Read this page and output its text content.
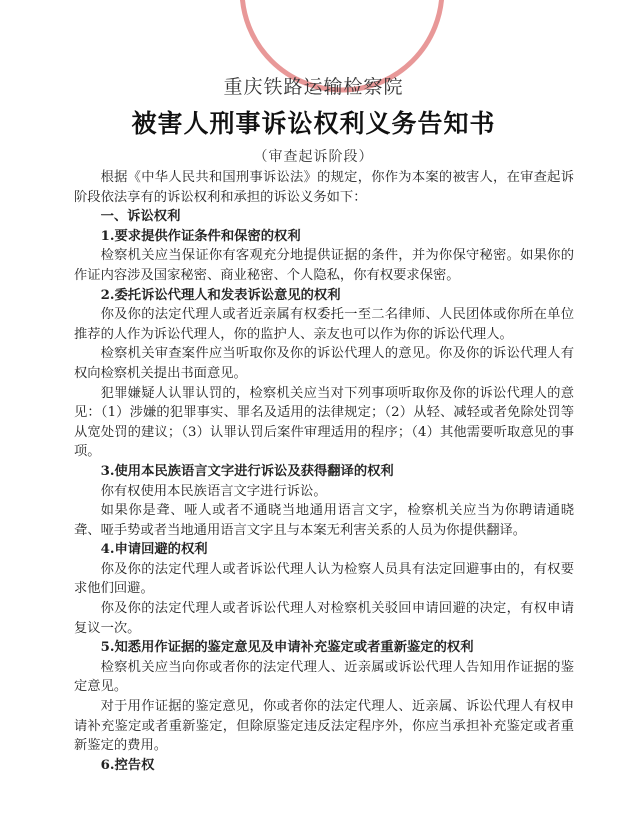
重庆铁路运输检察院
被害人刑事诉讼权利义务告知书
（审查起诉阶段）

根据《中华人民共和国刑事诉讼法》的规定，你作为本案的被害人，在审查起诉阶段依法享有的诉讼权利和承担的诉讼义务如下：

一、诉讼权利
1.要求提供作证条件和保密的权利

检察机关应当保证你有客观充分地提供证据的条件，并为你保守秘密。如果你的作证内容涉及国家秘密、商业秘密、个人隐私，你有权要求保密。

2.委托诉讼代理人和发表诉讼意见的权利

你及你的法定代理人或者近亲属有权委托一至二名律师、人民团体或你所在单位推荐的人作为诉讼代理人，你的监护人、亲友也可以作为你的诉讼代理人。

检察机关审查案件应当听取你及你的诉讼代理人的意见。你及你的诉讼代理人有权向检察机关提出书面意见。

犯罪嫌疑人认罪认罚的，检察机关应当对下列事项听取你及你的诉讼代理人的意见：（1）涉嫌的犯罪事实、罪名及适用的法律规定；（2）从轻、减轻或者免除处罚等从宽处罚的建议；（3）认罪认罚后案件审理适用的程序；（4）其他需要听取意见的事项。

3.使用本民族语言文字进行诉讼及获得翻译的权利

你有权使用本民族语言文字进行诉讼。

如果你是聋、哑人或者不通晓当地通用语言文字，检察机关应当为你聘请通晓聋、哑手势或者当地通用语言文字且与本案无利害关系的人员为你提供翻译。

4.申请回避的权利

你及你的法定代理人或者诉讼代理人认为检察人员具有法定回避事由的，有权要求他们回避。

你及你的法定代理人或者诉讼代理人对检察机关驳回申请回避的决定，有权申请复议一次。

5.知悉用作证据的鉴定意见及申请补充鉴定或者重新鉴定的权利

检察机关应当向你或者你的法定代理人、近亲属或诉讼代理人告知用作证据的鉴定意见。

对于用作证据的鉴定意见，你或者你的法定代理人、近亲属、诉讼代理人有权申请补充鉴定或者重新鉴定，但除原鉴定违反法定程序外，你应当承担补充鉴定或者重新鉴定的费用。

6.控告权
